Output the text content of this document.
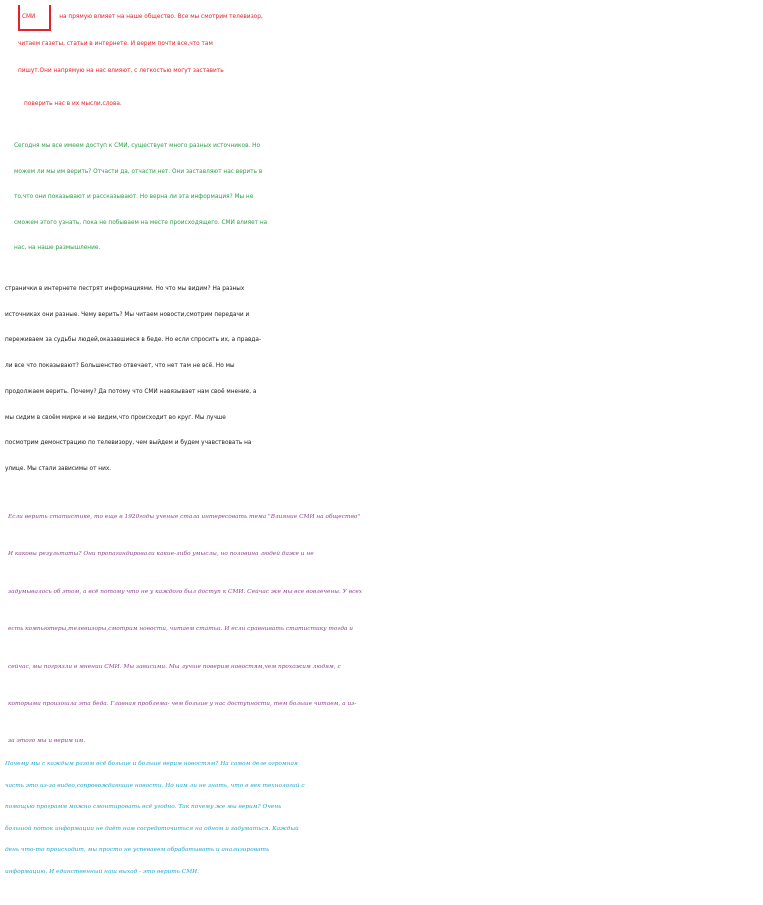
СМИ	на прямую влияет на наше общество. Все мы смотрим телевизор,
читаем газеты, статьи в интернете. И верим почти все,что там
пишут.Они напрямую на нас влияют, с легкостью могут заставить
поверить нас в их мысли,слова.
Сегодня мы все имеем доступ к СМИ, существует много разных источников. Но
можем ли мы им верить? Отчасти да, отчасти нет. Они заставляют нас верить в
то,что они показывают и рассказывают. Но верна ли эта информация? Мы не
сможем этого узнать, пока не побываем на месте происходящего. СМИ влияет на
нас, на наше размышление.
странички в интернете пестрят информациями. Но что мы видим? На разных
источниках они разные. Чему верить? Мы читаем новости,смотрим передачи и
переживаем за судьбы людей,оказавшиеся в беде. Но если спросить их, а правда-
ли все что показывают? Большенство отвечает, что нет там не всё. Но мы
продолжаем верить. Почему? Да потому что СМИ навязывает нам своё мнение, а
мы сидим в своём мирке и не видим,что происходит во круг. Мы лучше
посмотрим демонстрацию по телевизору, чем выйдем и будем учавствовать на
улице. Мы стали зависимы от них.
Если верить статистике, то еще в 1920годы ученые стала интересовать тема "Влияние СМИ на общество"
И каковы результаты? Они пропагандировали какие-либо умыслы, но половина людей даже и не
задумывалось об этом, а всё потому что не у каждого был доступ к СМИ. Сейчас же мы все вовлечены. У всех
есть компьютеры,телевизоры,смотрим новости, читаем статьи. И если сравнивать статистику тогда и
сейчас, мы погрязли в мнении СМИ. Мы зависими. Мы лучше поверим новостям,чем прохожим людям, с
которыми произошла эта беда. Главная проблема- чем больше у нас доступности, тем больше читаем, а из-
за этого мы и верим им.
Почему мы с каждым разом всё больше и больше верим новостям? На самом деле огромная
часть это из-за видео,сопровождающие новости. Но нам ли не знать, что в век технологий с
помощью программ можно смонтировать всё угодно. Так почему же мы верим? Очень
большой поток информации не даёт нам сосредоточиться на одном и задуматься. Каждый
день что-то происходит, мы просто не успеваеем обрабатывать и анализировать
информацию. И единственный наш выход - это верить СМИ.
